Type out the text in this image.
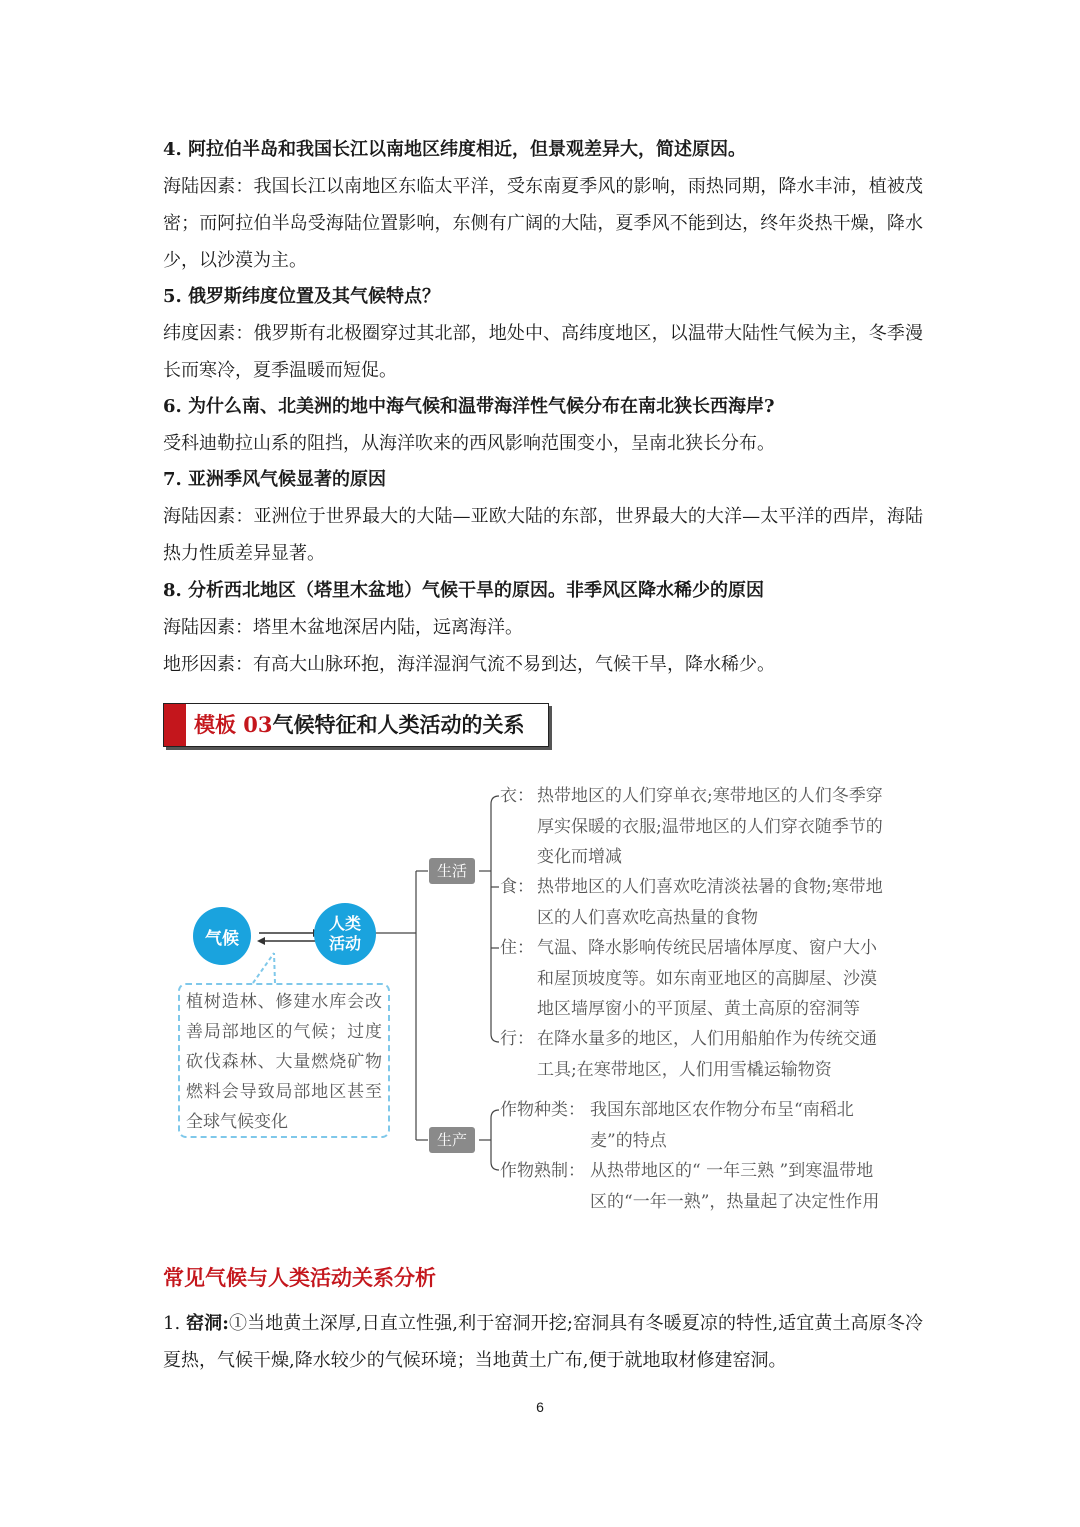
4. 阿拉伯半岛和我国长江以南地区纬度相近，但景观差异大，简述原因。
海陆因素：我国长江以南地区东临太平洋，受东南夏季风的影响，雨热同期，降水丰沛，植被茂密；而阿拉伯半岛受海陆位置影响，东侧有广阔的大陆，夏季风不能到达，终年炎热干燥，降水少，以沙漠为主。
5. 俄罗斯纬度位置及其气候特点？
纬度因素：俄罗斯有北极圈穿过其北部，地处中、高纬度地区，以温带大陆性气候为主，冬季漫长而寒冷，夏季温暖而短促。
6. 为什么南、北美洲的地中海气候和温带海洋性气候分布在南北狭长西海岸?
受科迪勒拉山系的阻挡，从海洋吹来的西风影响范围变小，呈南北狭长分布。
7. 亚洲季风气候显著的原因
海陆因素：亚洲位于世界最大的大陆—亚欧大陆的东部，世界最大的大洋—太平洋的西岸，海陆热力性质差异显著。
8. 分析西北地区（塔里木盆地）气候干旱的原因。非季风区降水稀少的原因
海陆因素：塔里木盆地深居内陆，远离海洋。
地形因素：有高大山脉环抱，海洋湿润气流不易到达，气候干旱，降水稀少。
模板 03气候特征和人类活动的关系
气候
人类活动
植树造林、修建水库会改善局部地区的气候；过度砍伐森林、大量燃烧矿物燃料会导致局部地区甚至全球气候变化
生活
生产
衣： 热带地区的人们穿单衣;寒带地区的人们冬季穿厚实保暖的衣服;温带地区的人们穿衣随季节的变化而增减
食： 热带地区的人们喜欢吃清淡祛暑的食物;寒带地区的人们喜欢吃高热量的食物
住： 气温、降水影响传统民居墙体厚度、窗户大小和屋顶坡度等。如东南亚地区的高脚屋、沙漠地区墙厚窗小的平顶屋、黄土高原的窑洞等
行： 在降水量多的地区，人们用船舶作为传统交通工具;在寒带地区，人们用雪橇运输物资
作物种类： 我国东部地区农作物分布呈“南稻北麦”的特点
作物熟制： 从热带地区的“ 一年三熟 ”到寒温带地区的“一年一熟”，热量起了决定性作用
常见气候与人类活动关系分析
1. 窑洞:①当地黄土深厚,日直立性强,利于窑洞开挖;窑洞具有冬暖夏凉的特性,适宜黄土高原冬冷夏热，气候干燥,降水较少的气候环境；当地黄土广布,便于就地取材修建窑洞。
6
